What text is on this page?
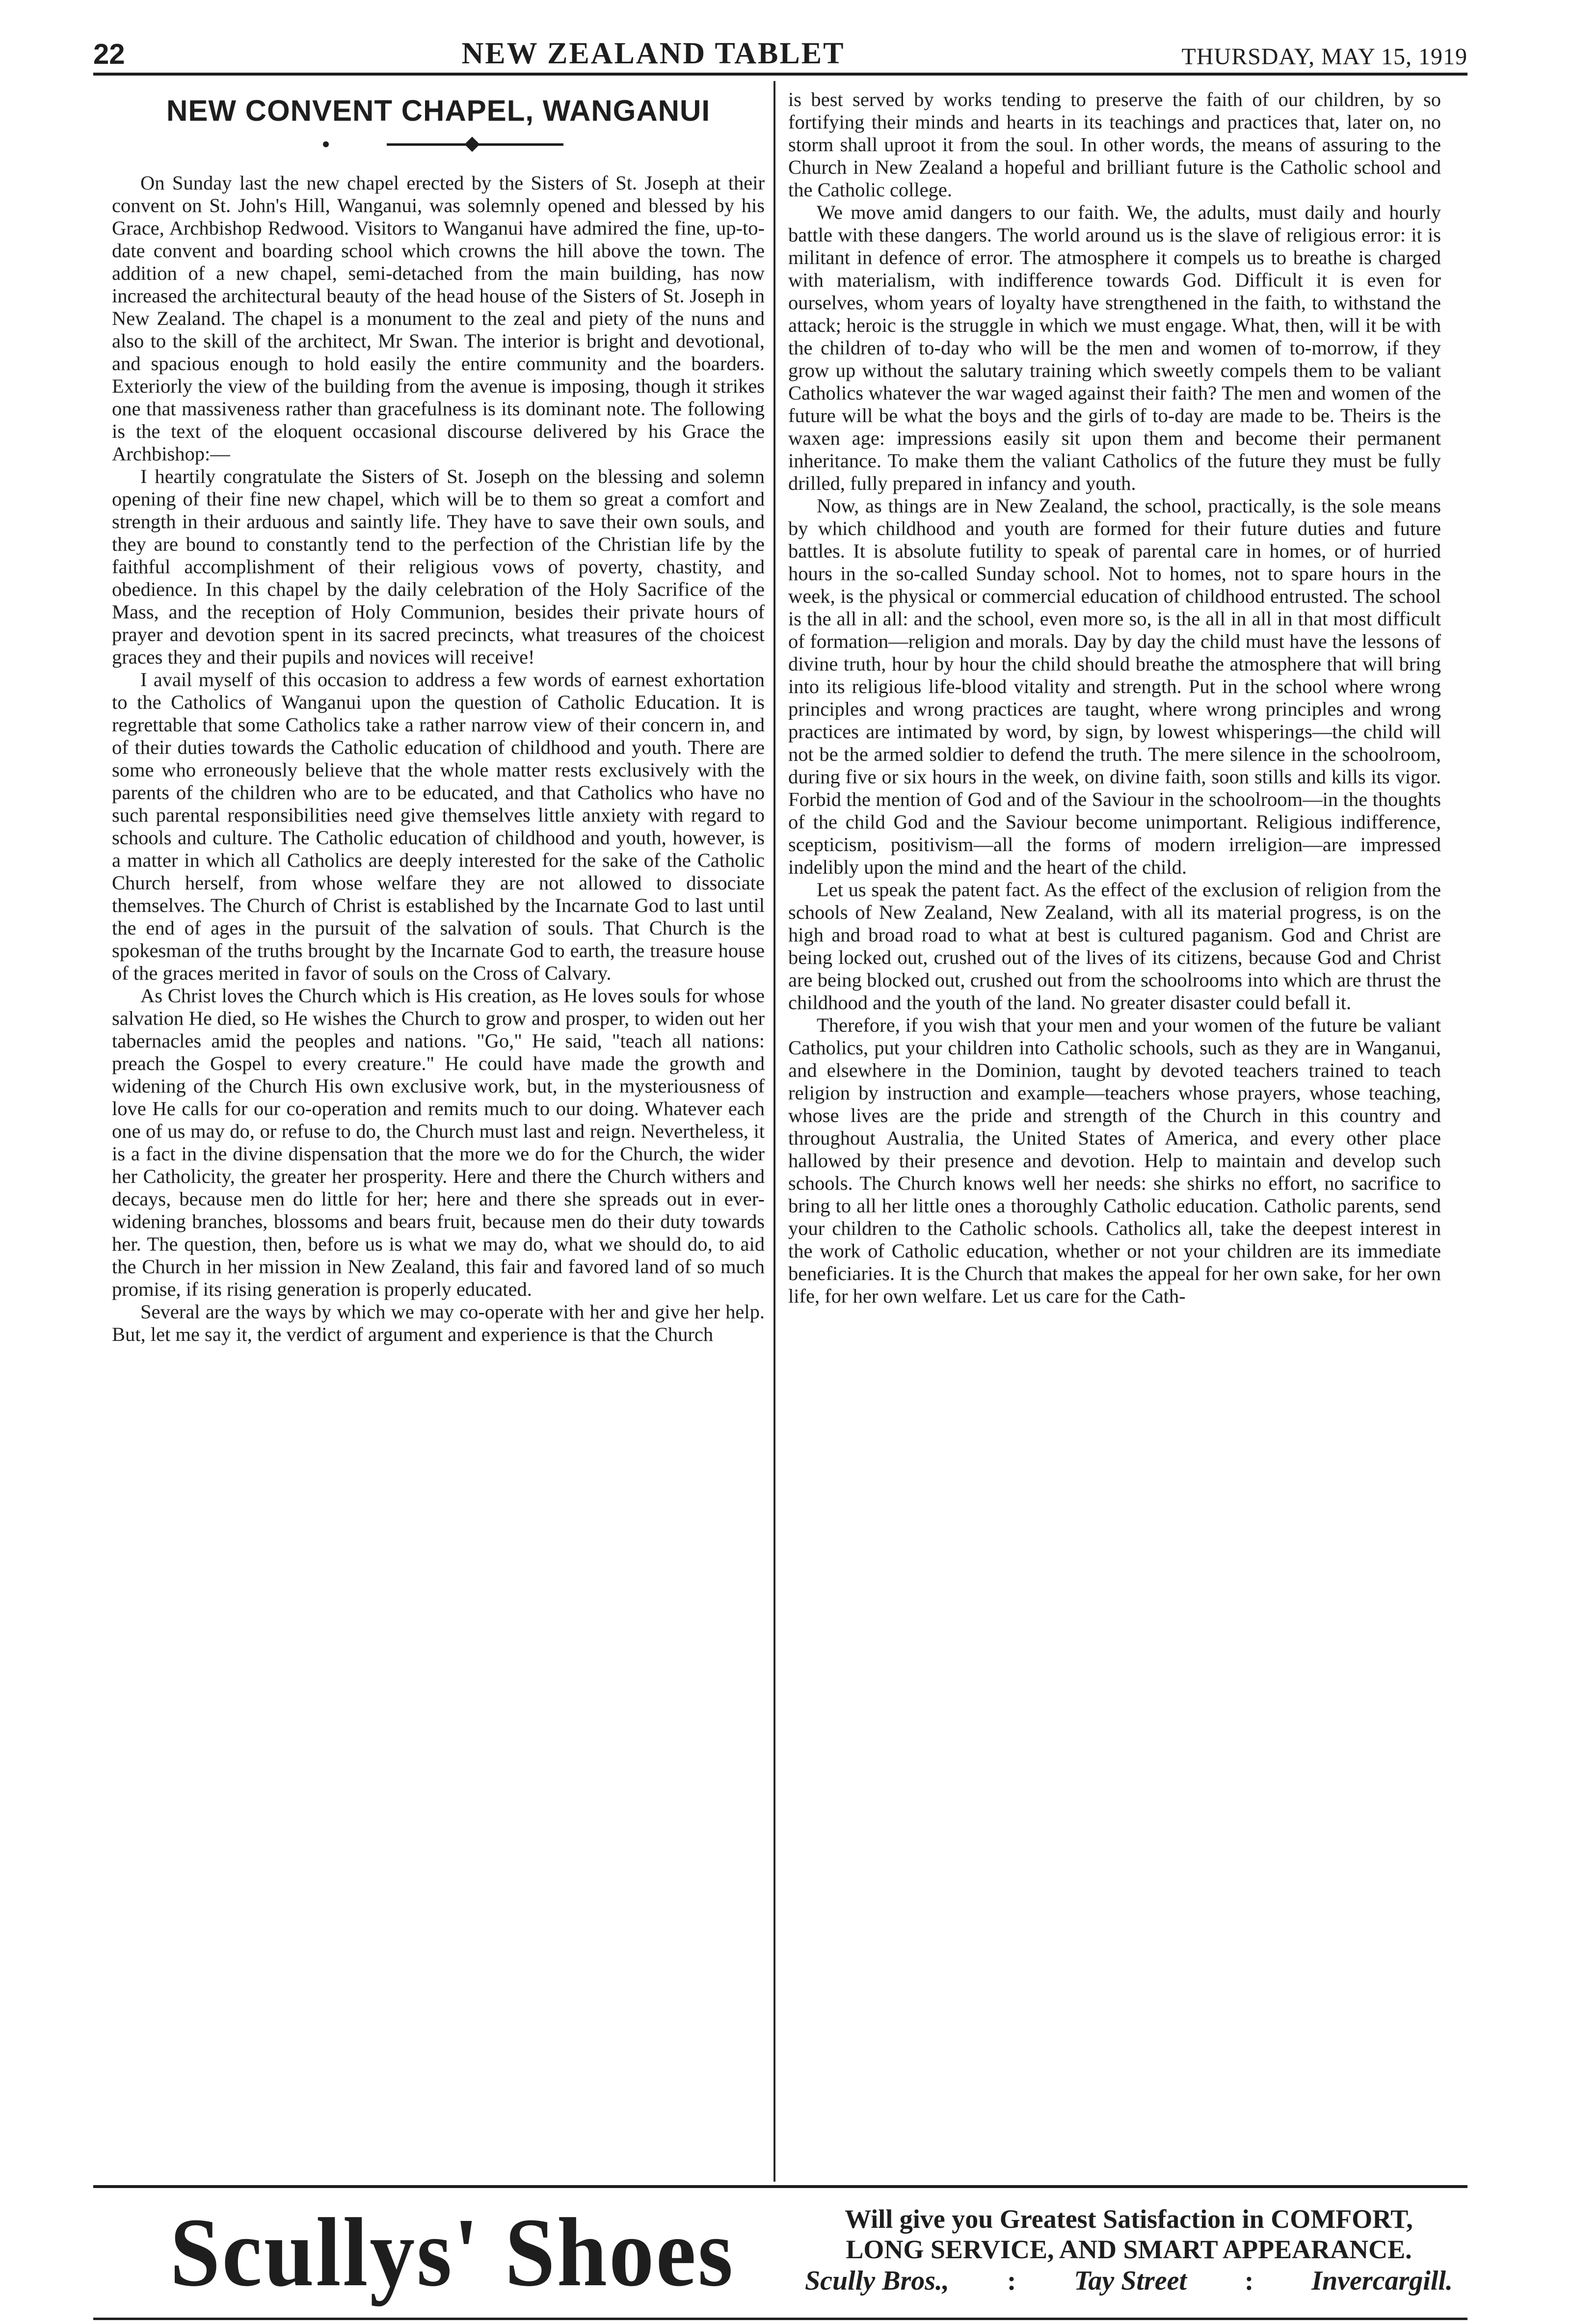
22	NEW ZEALAND TABLET	THURSDAY, MAY 15, 1919
NEW CONVENT CHAPEL, WANGANUI

On Sunday last the new chapel erected by the Sisters of St. Joseph at their convent on St. John's Hill, Wanganui, was solemnly opened and blessed by his Grace, Archbishop Redwood. Visitors to Wanganui have admired the fine, up-to-date convent and boarding school which crowns the hill above the town. The addition of a new chapel, semi-detached from the main building, has now increased the architectural beauty of the head house of the Sisters of St. Joseph in New Zealand. The chapel is a monument to the zeal and piety of the nuns and also to the skill of the architect, Mr Swan. The interior is bright and devotional, and spacious enough to hold easily the entire community and the boarders. Exteriorly the view of the building from the avenue is imposing, though it strikes one that massiveness rather than gracefulness is its dominant note. The following is the text of the eloquent occasional discourse delivered by his Grace the Archbishop:—

I heartily congratulate the Sisters of St. Joseph on the blessing and solemn opening of their fine new chapel, which will be to them so great a comfort and strength in their arduous and saintly life. They have to save their own souls, and they are bound to constantly tend to the perfection of the Christian life by the faithful accomplishment of their religious vows of poverty, chastity, and obedience. In this chapel by the daily celebration of the Holy Sacrifice of the Mass, and the reception of Holy Communion, besides their private hours of prayer and devotion spent in its sacred precincts, what treasures of the choicest graces they and their pupils and novices will receive!

I avail myself of this occasion to address a few words of earnest exhortation to the Catholics of Wanganui upon the question of Catholic Education. It is regrettable that some Catholics take a rather narrow view of their concern in, and of their duties towards the Catholic education of childhood and youth. There are some who erroneously believe that the whole matter rests exclusively with the parents of the children who are to be educated, and that Catholics who have no such parental responsibilities need give themselves little anxiety with regard to schools and culture. The Catholic education of childhood and youth, however, is a matter in which all Catholics are deeply interested for the sake of the Catholic Church herself, from whose welfare they are not allowed to dissociate themselves. The Church of Christ is established by the Incarnate God to last until the end of ages in the pursuit of the salvation of souls. That Church is the spokesman of the truths brought by the Incarnate God to earth, the treasure house of the graces merited in favor of souls on the Cross of Calvary.

As Christ loves the Church which is His creation, as He loves souls for whose salvation He died, so He wishes the Church to grow and prosper, to widen out her tabernacles amid the peoples and nations. "Go," He said, "teach all nations: preach the Gospel to every creature." He could have made the growth and widening of the Church His own exclusive work, but, in the mysteriousness of love He calls for our co-operation and remits much to our doing. Whatever each one of us may do, or refuse to do, the Church must last and reign. Nevertheless, it is a fact in the divine dispensation that the more we do for the Church, the wider her Catholicity, the greater her prosperity. Here and there the Church withers and decays, because men do little for her; here and there she spreads out in ever-widening branches, blossoms and bears fruit, because men do their duty towards her. The question, then, before us is what we may do, what we should do, to aid the Church in her mission in New Zealand, this fair and favored land of so much promise, if its rising generation is properly educated.

Several are the ways by which we may co-operate with her and give her help. But, let me say it, the verdict of argument and experience is that the Church

is best served by works tending to preserve the faith of our children, by so fortifying their minds and hearts in its teachings and practices that, later on, no storm shall uproot it from the soul. In other words, the means of assuring to the Church in New Zealand a hopeful and brilliant future is the Catholic school and the Catholic college.

We move amid dangers to our faith. We, the adults, must daily and hourly battle with these dangers. The world around us is the slave of religious error: it is militant in defence of error. The atmosphere it compels us to breathe is charged with materialism, with indifference towards God. Difficult it is even for ourselves, whom years of loyalty have strengthened in the faith, to withstand the attack; heroic is the struggle in which we must engage. What, then, will it be with the children of to-day who will be the men and women of to-morrow, if they grow up without the salutary training which sweetly compels them to be valiant Catholics whatever the war waged against their faith? The men and women of the future will be what the boys and the girls of to-day are made to be. Theirs is the waxen age: impressions easily sit upon them and become their permanent inheritance. To make them the valiant Catholics of the future they must be fully drilled, fully prepared in infancy and youth.

Now, as things are in New Zealand, the school, practically, is the sole means by which childhood and youth are formed for their future duties and future battles. It is absolute futility to speak of parental care in homes, or of hurried hours in the so-called Sunday school. Not to homes, not to spare hours in the week, is the physical or commercial education of childhood entrusted. The school is the all in all: and the school, even more so, is the all in all in that most difficult of formation—religion and morals. Day by day the child must have the lessons of divine truth, hour by hour the child should breathe the atmosphere that will bring into its religious life-blood vitality and strength. Put in the school where wrong principles and wrong practices are taught, where wrong principles and wrong practices are intimated by word, by sign, by lowest whisperings—the child will not be the armed soldier to defend the truth. The mere silence in the schoolroom, during five or six hours in the week, on divine faith, soon stills and kills its vigor. Forbid the mention of God and of the Saviour in the schoolroom—in the thoughts of the child God and the Saviour become unimportant. Religious indifference, scepticism, positivism—all the forms of modern irreligion—are impressed indelibly upon the mind and the heart of the child.

Let us speak the patent fact. As the effect of the exclusion of religion from the schools of New Zealand, New Zealand, with all its material progress, is on the high and broad road to what at best is cultured paganism. God and Christ are being locked out, crushed out of the lives of its citizens, because God and Christ are being blocked out, crushed out from the schoolrooms into which are thrust the childhood and the youth of the land. No greater disaster could befall it.

Therefore, if you wish that your men and your women of the future be valiant Catholics, put your children into Catholic schools, such as they are in Wanganui, and elsewhere in the Dominion, taught by devoted teachers trained to teach religion by instruction and example—teachers whose prayers, whose teaching, whose lives are the pride and strength of the Church in this country and throughout Australia, the United States of America, and every other place hallowed by their presence and devotion. Help to maintain and develop such schools. The Church knows well her needs: she shirks no effort, no sacrifice to bring to all her little ones a thoroughly Catholic education. Catholic parents, send your children to the Catholic schools. Catholics all, take the deepest interest in the work of Catholic education, whether or not your children are its immediate beneficiaries. It is the Church that makes the appeal for her own sake, for her own life, for her own welfare. Let us care for the Cath-

Scullys' Shoes	Will give you Greatest Satisfaction in COMFORT,
LONG SERVICE, AND SMART APPEARANCE.
Scully Bros., : Tay Street : Invercargill.
